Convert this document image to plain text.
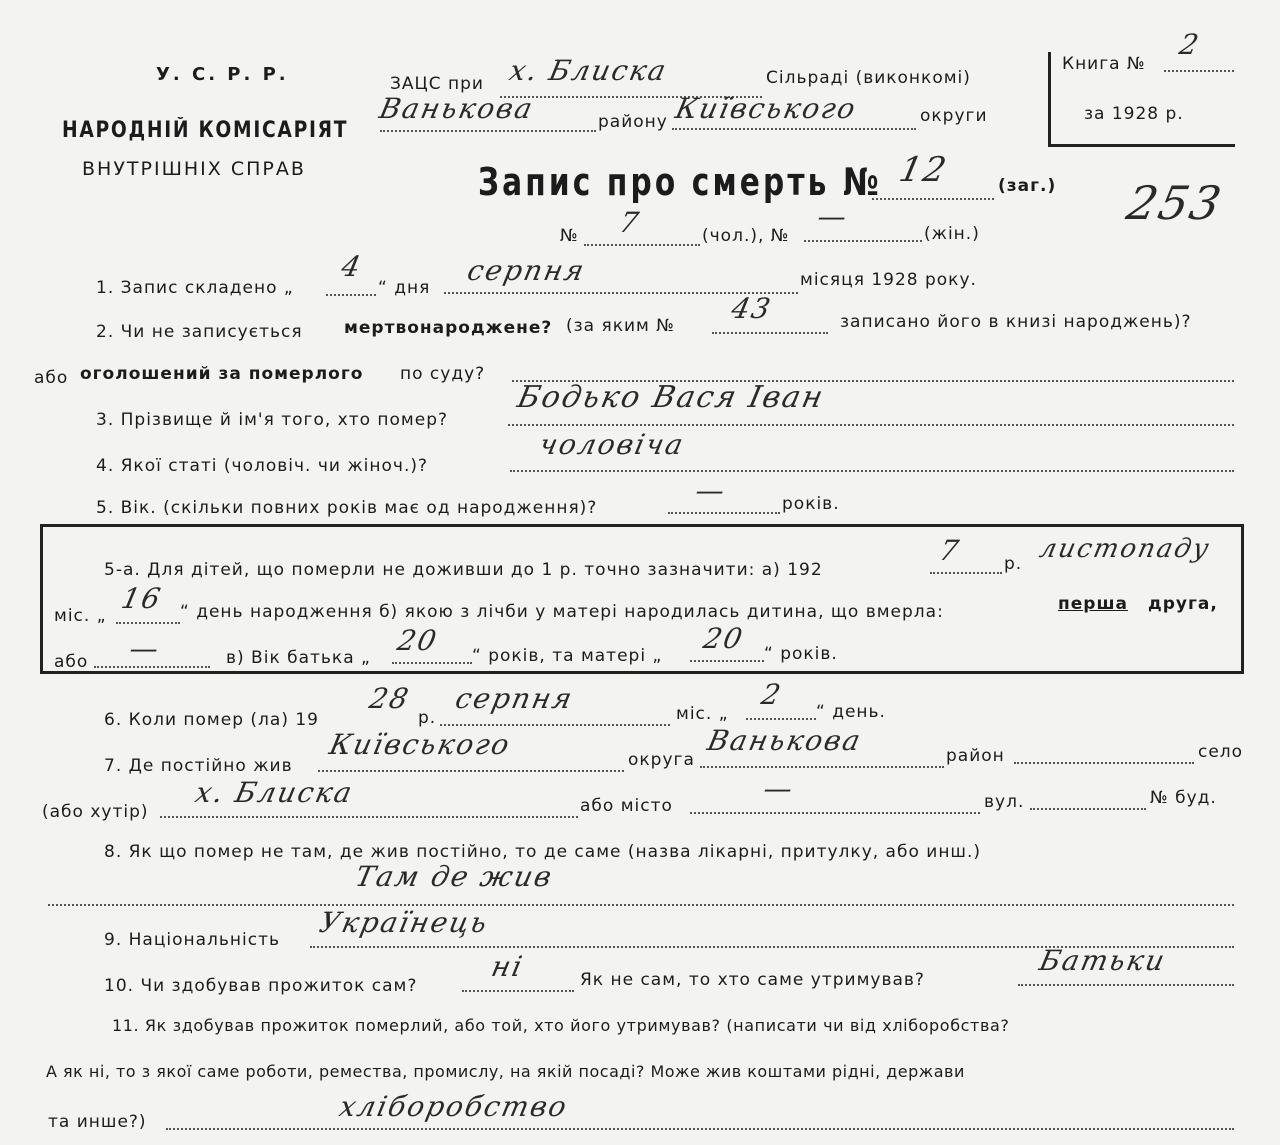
У. С. Р. Р.
НАРОДНІЙ КОМІСАРІЯТ
ВНУТРІШНІХ СПРАВ
ЗАЦС при х. Блиска	Сільраді (виконкомі)
Ванькова	району Київського	округи
Книга №
2
за 1928 р.
Запис про смерть № 12	(заг.)
№ 7	(чол.), №
—
(жін.)
253
1. Запис складено „
4
“ дня
серпня	місяця 1928 року.
2. Чи не записується мертвонароджене? (за яким №
43	записано його в книзі народжень)?
або оголошений за померлого по суду?
3. Прізвище й ім'я того, хто помер?
Бодько Вася Іван
4. Якої статі (чоловіч. чи жіноч.)?
чоловіча
5. Вік. (скільки повних років має од народження)?
—	років.
5-а. Для дітей, що померли не доживши до 1 р. точно зазначити: а) 192
7 р. листопаду
міс. „
16 “ день народження б) якою з лічби у матері народилась дитина, що вмерла:	перша друга,
або —	в) Вік батька „
20 “ років, та матері „
20 “ років.
6. Коли помер (ла) 19
28
р.
серпня	міс. „
2
“ день.
7. Де постійно жив
Київського	округа
Ванькова	район	село
(або хутір)
х. Блиска	або місто
—	вул.	№ буд.
8. Як що помер не там, де жив постійно, то де саме (назва лікарні, притулку, або инш.)
Там де жив
9. Національність
Українець
10. Чи здобував прожиток сам?
ні	Як не сам, то хто саме утримував?
Батьки
11. Як здобував прожиток померлий, або той, хто його утримував? (написати чи від хліборобства?
А як ні, то з якої саме роботи, ремества, промислу, на якій посаді? Може жив коштами рідні, держави
та инше?)	хліборобство
